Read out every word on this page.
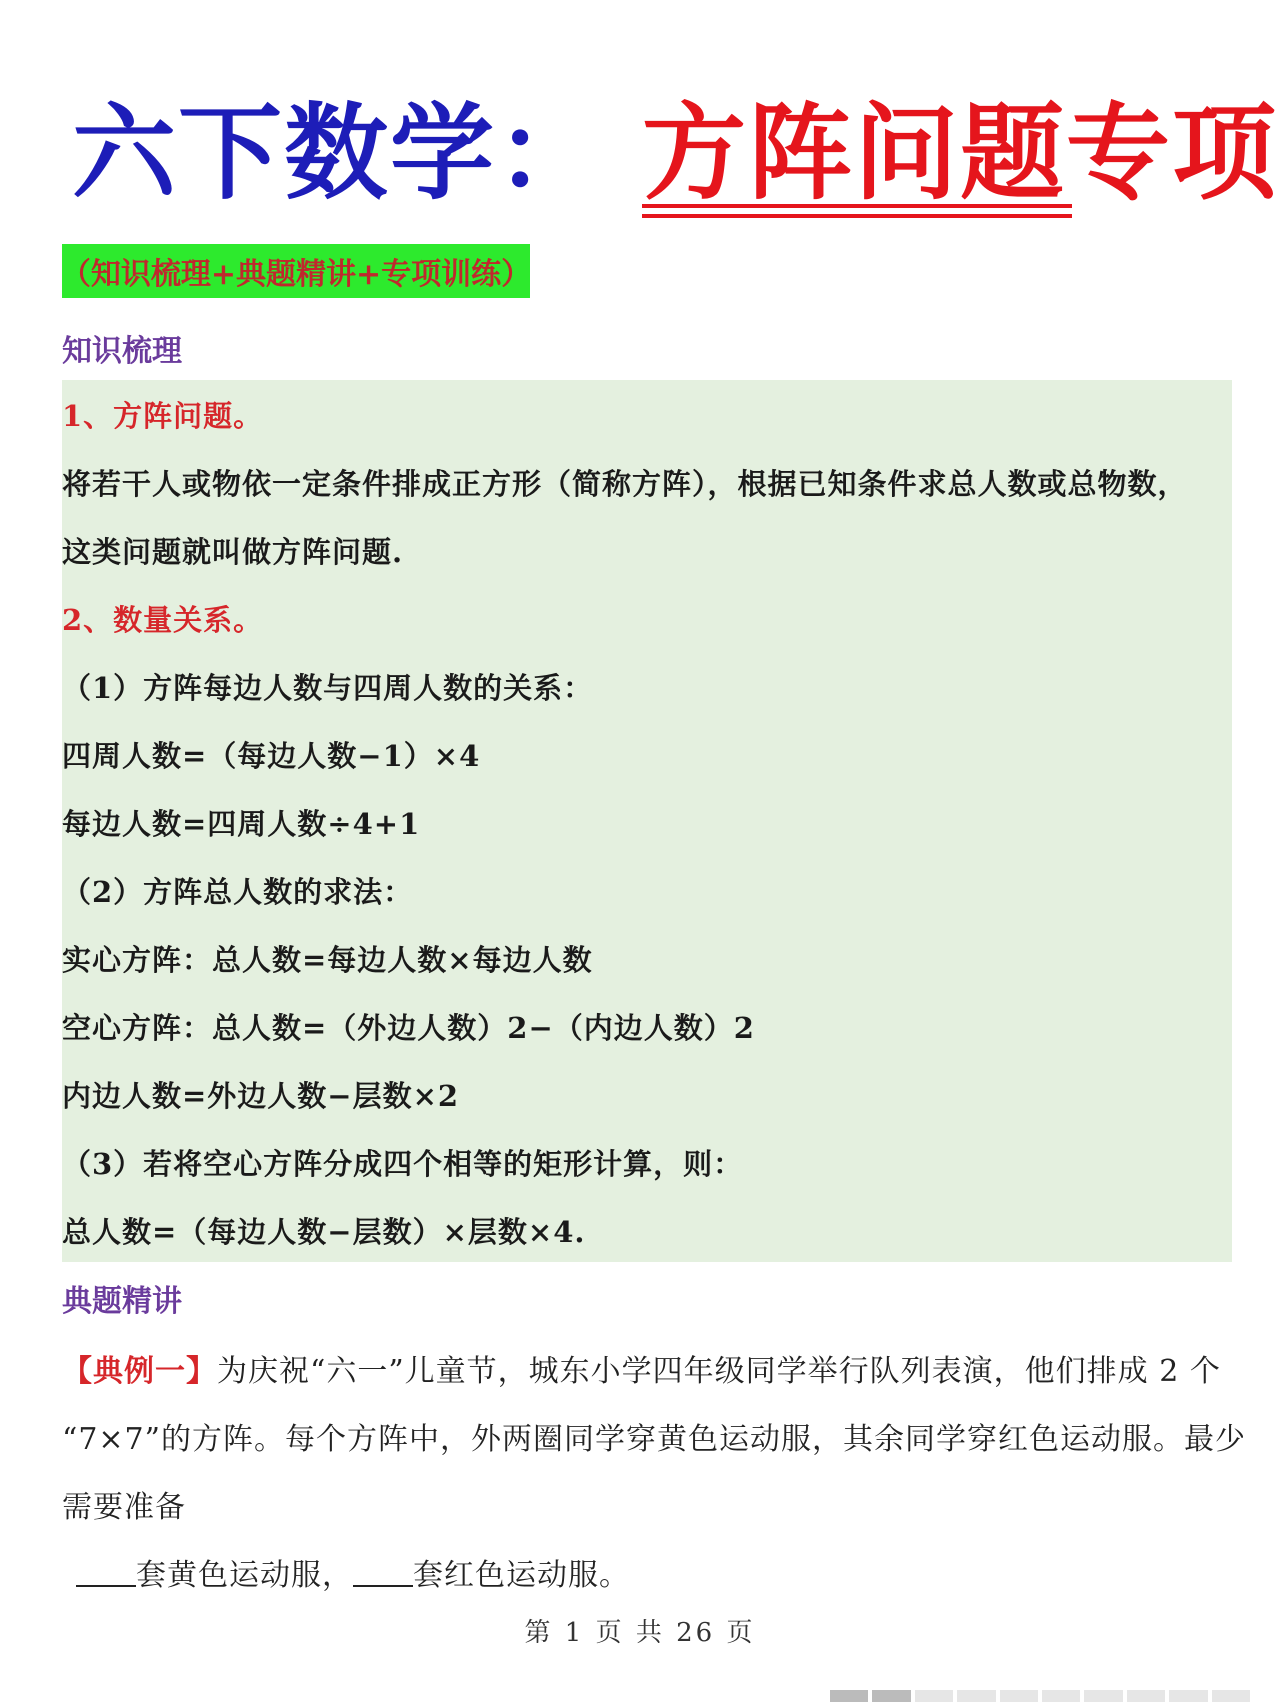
六下数学： 方阵问题专项
（知识梳理+典题精讲+专项训练）
知识梳理
1、方阵问题。
将若干人或物依一定条件排成正方形（简称方阵），根据已知条件求总人数或总物数，
这类问题就叫做方阵问题.
2、数量关系。
（1）方阵每边人数与四周人数的关系：
四周人数=（每边人数−1）×4
每边人数=四周人数÷4+1
（2）方阵总人数的求法：
实心方阵：总人数=每边人数×每边人数
空心方阵：总人数=（外边人数）2−（内边人数）2
内边人数=外边人数−层数×2
（3）若将空心方阵分成四个相等的矩形计算，则：
总人数=（每边人数−层数）×层数×4.
典题精讲
【典例一】为庆祝“六一”儿童节，城东小学四年级同学举行队列表演，他们排成 2 个
“7×7”的方阵。每个方阵中，外两圈同学穿黄色运动服，其余同学穿红色运动服。最少
需要准备
套黄色运动服， 套红色运动服。
第 1 页 共 26 页
